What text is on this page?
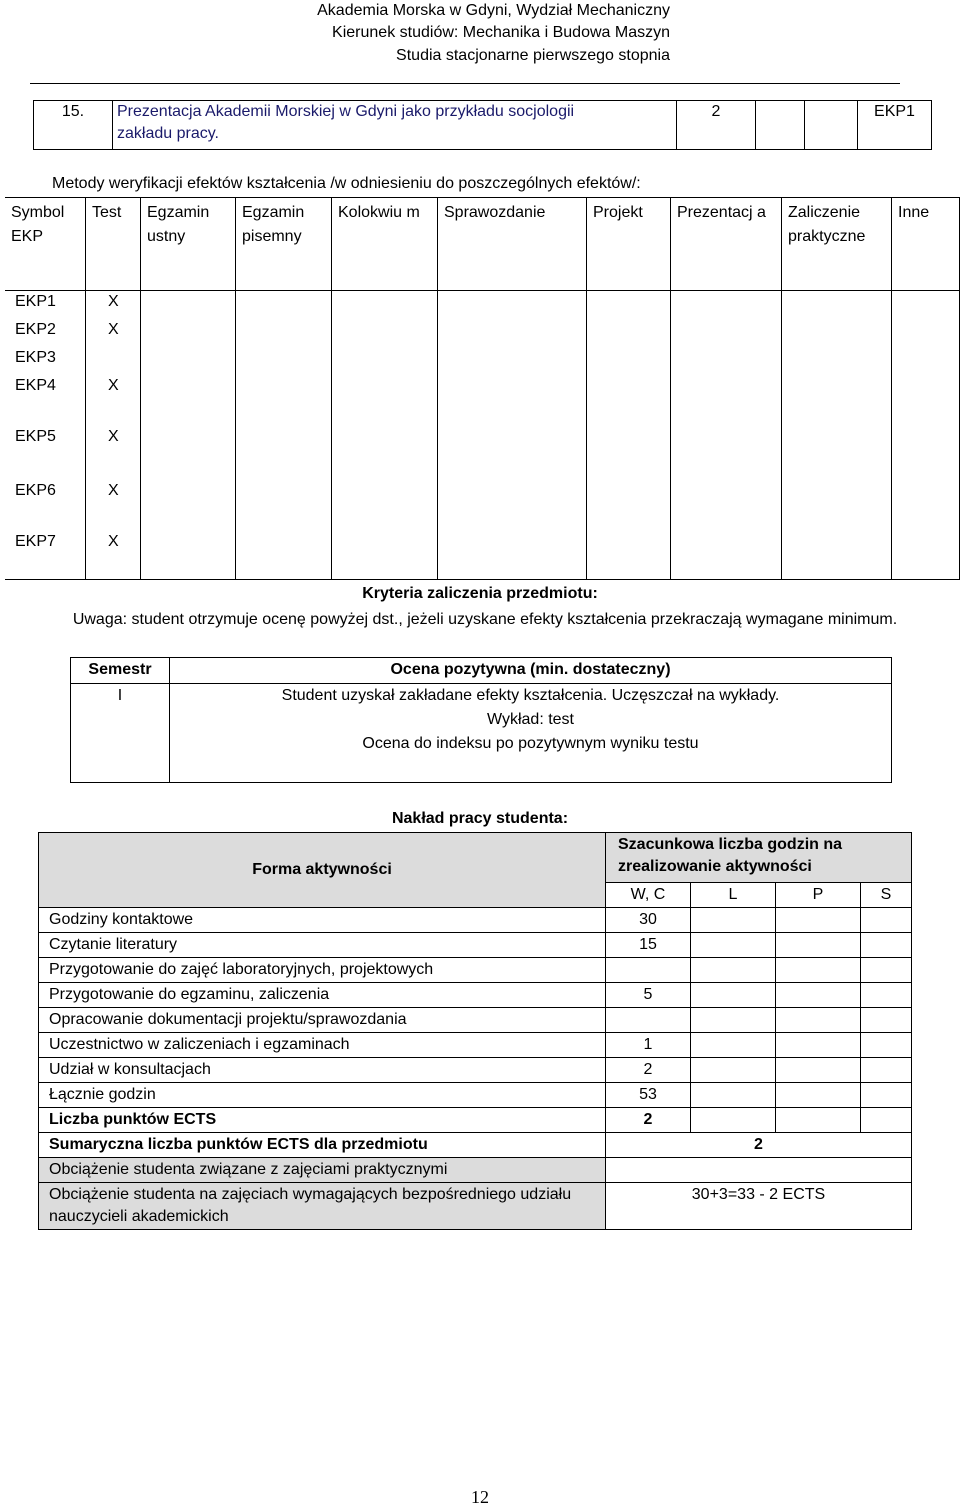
Akademia Morska w Gdyni, Wydział Mechaniczny
Kierunek studiów: Mechanika i Budowa Maszyn
Studia stacjonarne pierwszego stopnia
15.	Prezentacja Akademii Morskiej w Gdyni jako przykładu socjologii
zakładu pracy.
	2			EKP1
Metody weryfikacji efektów kształcenia /w odniesieniu do poszczególnych efektów/:
Symbol EKP	Test	Egzamin ustny	Egzamin pisemny	Kolokwiu m	Sprawozdanie	Projekt	Prezentacj a	Zaliczenie praktyczne	Inne

EKP1	X
EKP2	X
EKP3
EKP4	X
EKP5	X
EKP6	X
EKP7	X
Kryteria zaliczenia przedmiotu:
Uwaga: student otrzymuje ocenę powyżej dst., jeżeli uzyskane efekty kształcenia przekraczają wymagane minimum.
Semestr	Ocena pozytywna (min. dostateczny)
I	Student uzyskał zakładane efekty kształcenia. Uczęszczał na wykłady.
Wykład: test
Ocena do indeksu po pozytywnym wyniku testu
Nakład pracy studenta:
Forma aktywności	Szacunkowa liczba godzin na zrealizowanie aktywności			
	W, C	L	P	S
Godziny kontaktowe	30			
Czytanie literatury	15			
Przygotowanie do zajęć laboratoryjnych, projektowych				
Przygotowanie do egzaminu, zaliczenia	5			
Opracowanie dokumentacji projektu/sprawozdania				
Uczestnictwo w zaliczeniach i egzaminach	1			
Udział w konsultacjach	2			
Łącznie godzin	53			
Liczba punktów ECTS	2			
Sumaryczna liczba punktów ECTS dla przedmiotu	2			
Obciążenie studenta związane z zajęciami praktycznymi				
Obciążenie studenta na zajęciach wymagających bezpośredniego udziału nauczycieli akademickich	30+3=33 - 2 ECTS			
12
